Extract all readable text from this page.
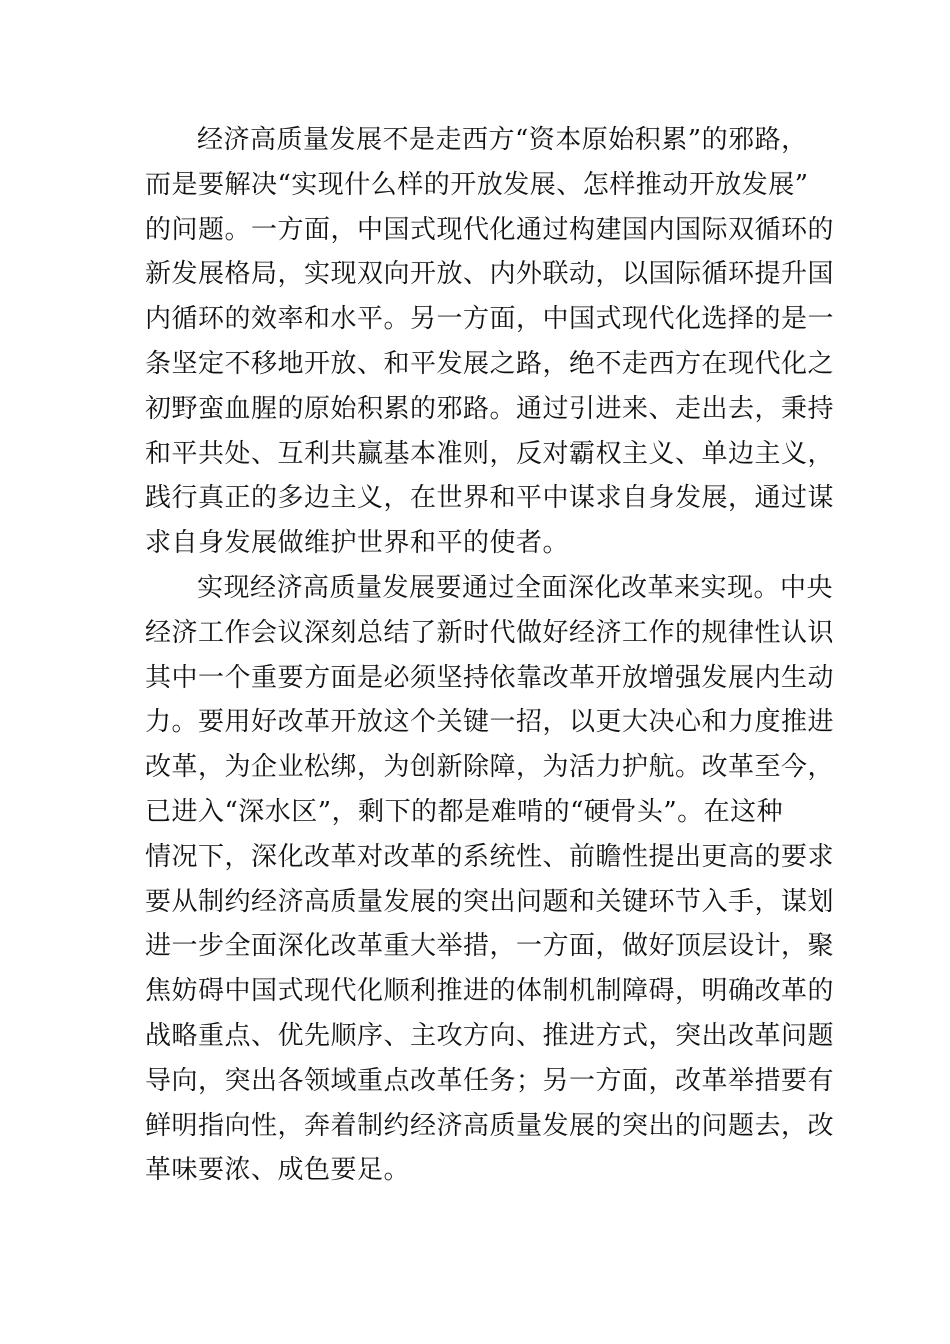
经济高质量发展不是走西方“资本原始积累”的邪路，
而是要解决“实现什么样的开放发展、怎样推动开放发展”
的问题。一方面，中国式现代化通过构建国内国际双循环的
新发展格局，实现双向开放、内外联动，以国际循环提升国
内循环的效率和水平。另一方面，中国式现代化选择的是一
条坚定不移地开放、和平发展之路，绝不走西方在现代化之
初野蛮血腥的原始积累的邪路。通过引进来、走出去，秉持
和平共处、互利共赢基本准则，反对霸权主义、单边主义，
践行真正的多边主义，在世界和平中谋求自身发展，通过谋
求自身发展做维护世界和平的使者。
实现经济高质量发展要通过全面深化改革来实现。中央
经济工作会议深刻总结了新时代做好经济工作的规律性认识
其中一个重要方面是必须坚持依靠改革开放增强发展内生动
力。要用好改革开放这个关键一招，以更大决心和力度推进
改革，为企业松绑，为创新除障，为活力护航。改革至今，
已进入“深水区”，剩下的都是难啃的“硬骨头”。在这种
情况下，深化改革对改革的系统性、前瞻性提出更高的要求
要从制约经济高质量发展的突出问题和关键环节入手，谋划
进一步全面深化改革重大举措，一方面，做好顶层设计，聚
焦妨碍中国式现代化顺利推进的体制机制障碍，明确改革的
战略重点、优先顺序、主攻方向、推进方式，突出改革问题
导向，突出各领域重点改革任务；另一方面，改革举措要有
鲜明指向性，奔着制约经济高质量发展的突出的问题去，改
革味要浓、成色要足。
